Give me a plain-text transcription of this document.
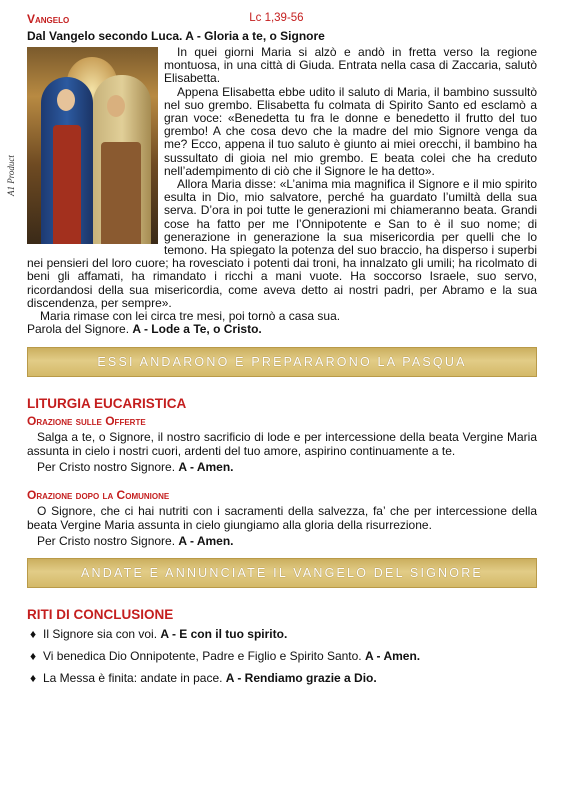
Vangelo	Lc 1,39-56
Dal Vangelo secondo Luca. A - Gloria a te, o Signore
A1 Product

In quei giorni Maria si alzò e andò in fretta verso la regione montuosa, in una città di Giuda. Entrata nella casa di Zaccaria, salutò Elisabetta.

Appena Elisabetta ebbe udito il saluto di Maria, il bambino sussultò nel suo grembo. Elisabetta fu colmata di Spirito Santo ed esclamò a gran voce: «Benedetta tu fra le donne e benedetto il frutto del tuo grembo! A che cosa devo che la madre del mio Signore venga da me? Ecco, appena il tuo saluto è giunto ai miei orecchi, il bambino ha sussultato di gioia nel mio grembo. E beata colei che ha creduto nell’adempimento di ciò che il Signore le ha detto».

Allora Maria disse: «L’anima mia magnifica il Signore e il mio spirito esulta in Dio, mio salvatore, perché ha guardato l’umiltà della sua serva. D’ora in poi tutte le generazioni mi chiameranno beata. Grandi cose ha fatto per me l’Onnipotente e San to è il suo nome; di generazione in generazione la sua misericordia per quelli che lo temono. Ha spiegato la potenza del suo braccio, ha disperso i superbi nei pensieri del loro cuore; ha rovesciato i potenti dai troni, ha innalzato gli umili; ha ricolmato di beni gli affamati, ha rimandato i ricchi a mani vuote. Ha soccorso Israele, suo servo, ricordandosi della sua misericordia, come aveva detto ai nostri padri, per Abramo e la sua discendenza, per sempre».

Maria rimase con lei circa tre mesi, poi tornò a casa sua.

Parola del Signore. A - Lode a Te, o Cristo.
ESSI ANDARONO E PREPARARONO LA PASQUA
LITURGIA EUCARISTICA
Orazione sulle Offerte

Salga a te, o Signore, il nostro sacrificio di lode e per intercessione della beata Vergine Maria assunta in cielo i nostri cuori, ardenti del tuo amore, aspirino continuamente a te.

Per Cristo nostro Signore. A - Amen.
Orazione dopo la Comunione

O Signore, che ci hai nutriti con i sacramenti della salvezza, fa’ che per intercessione della beata Vergine Maria assunta in cielo giungiamo alla gloria della risurrezione.

Per Cristo nostro Signore. A - Amen.
ANDATE E ANNUNCIATE IL VANGELO DEL SIGNORE
RITI DI CONCLUSIONE
♦ Il Signore sia con voi. A - E con il tuo spirito.
♦ Vi benedica Dio Onnipotente, Padre e Figlio e Spirito Santo. A - Amen.
♦ La Messa è finita: andate in pace. A - Rendiamo grazie a Dio.
